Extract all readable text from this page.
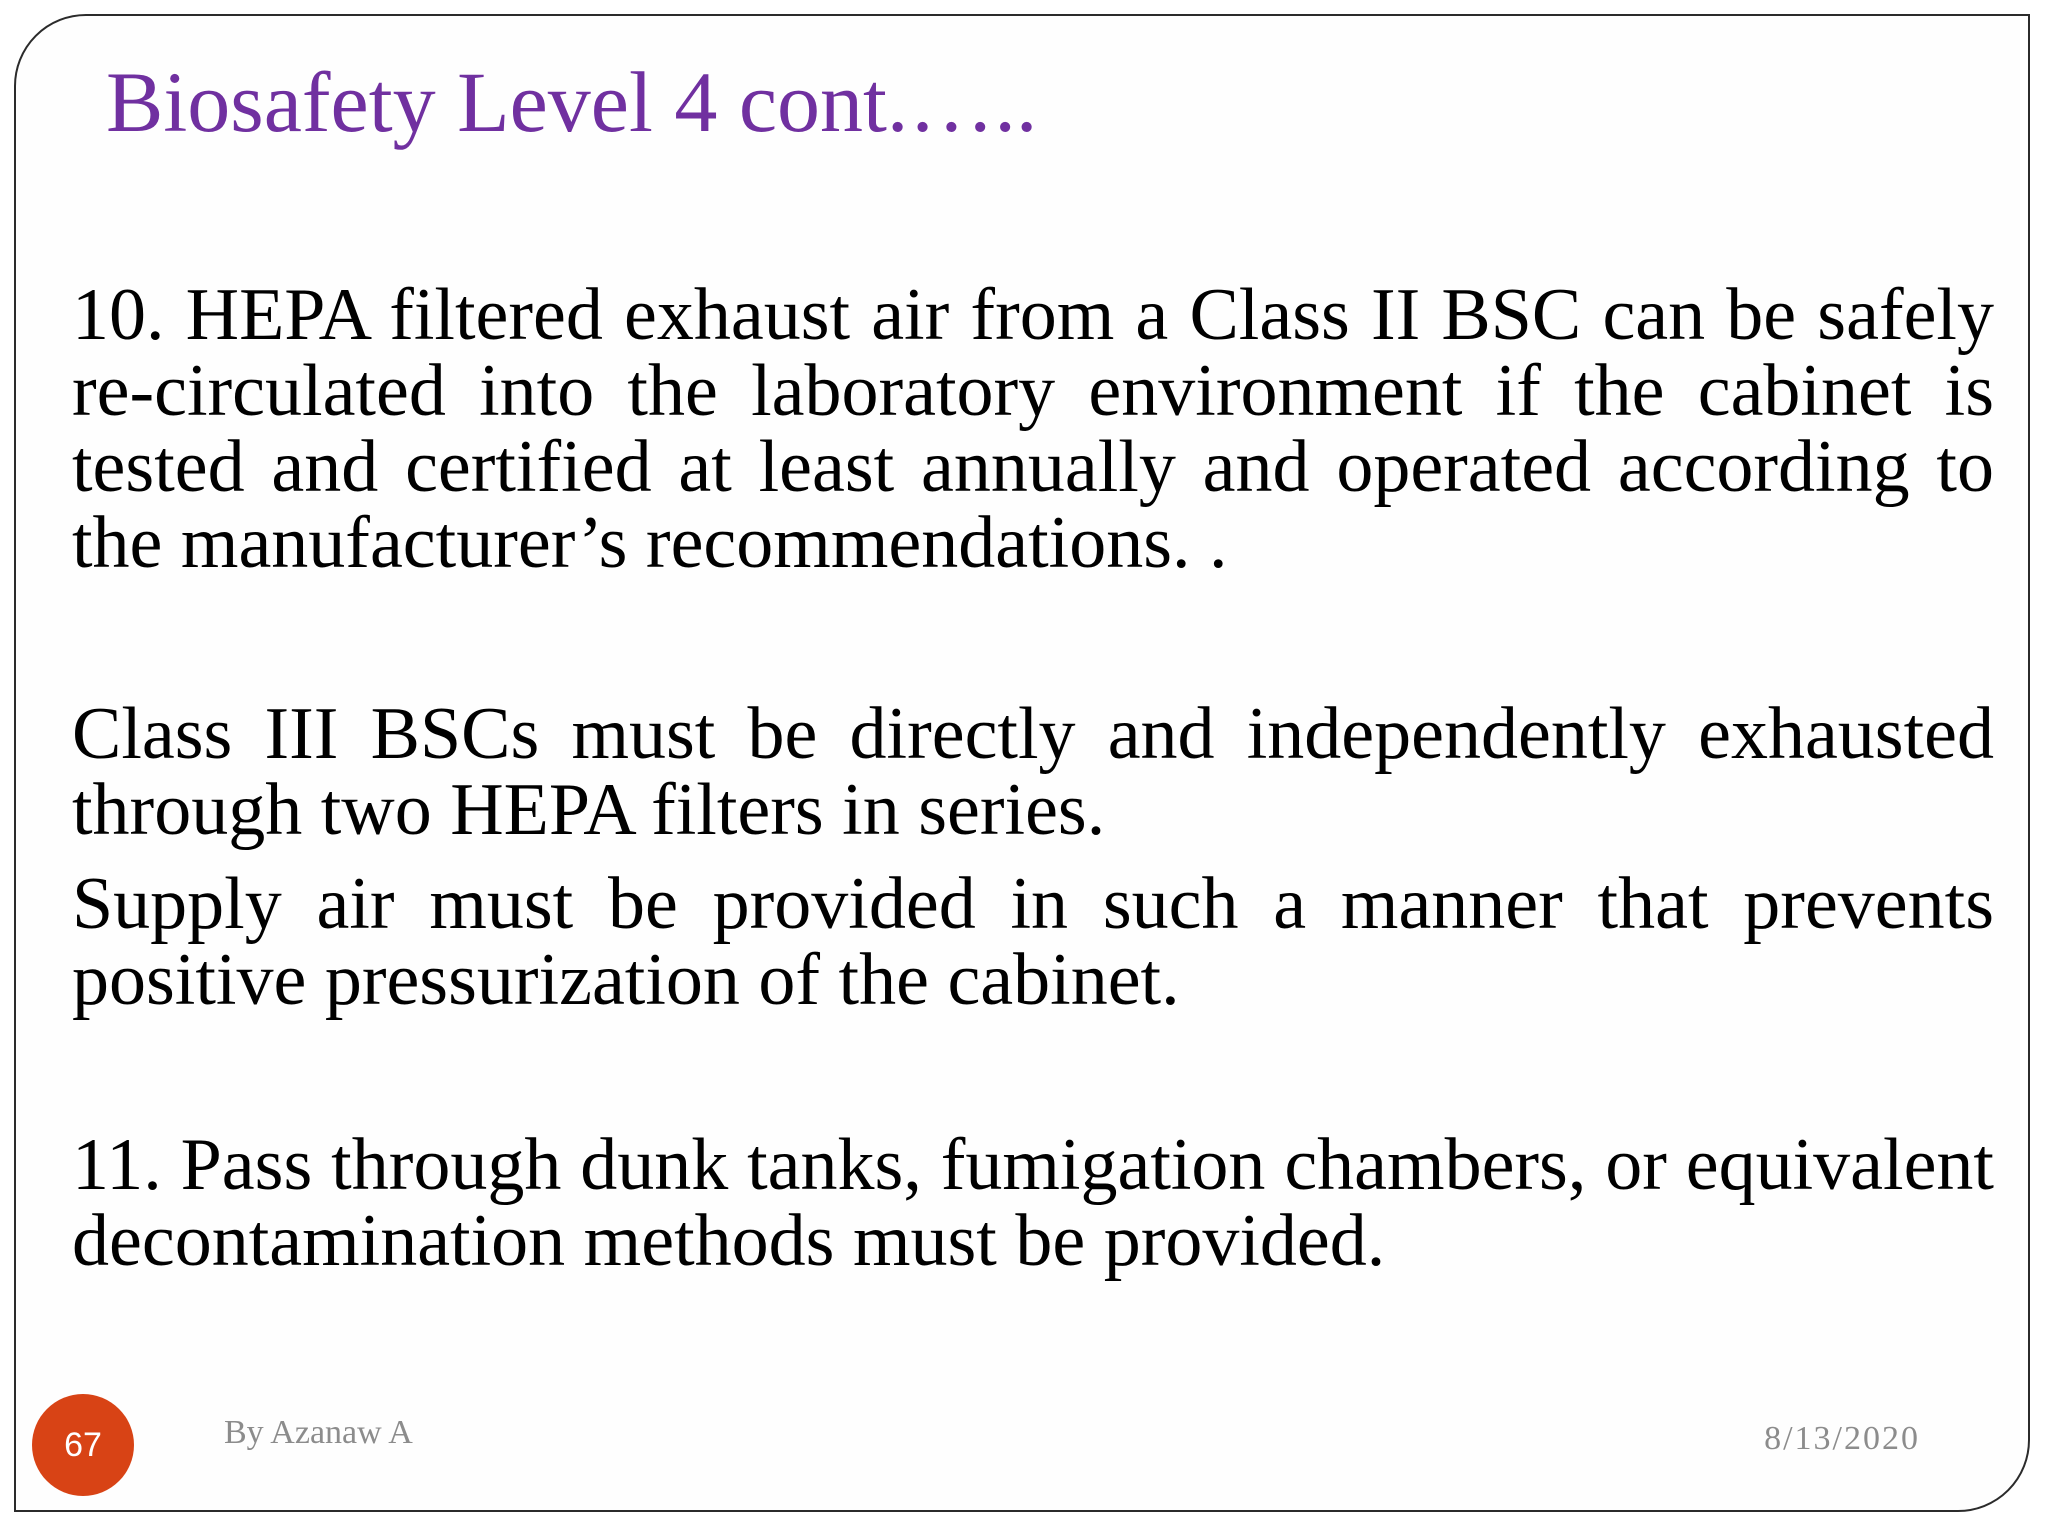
Biosafety Level 4 cont.…..

10. HEPA filtered exhaust air from a Class II BSC can be safely re-circulated into the laboratory environment if the cabinet is tested and certified at least annually and operated according to the manufacturer’s recommendations. .

Class III BSCs must be directly and independently exhausted through two HEPA filters in series.

Supply air must be provided in such a manner that prevents positive pressurization of the cabinet.

11. Pass through dunk tanks, fumigation chambers, or equivalent decontamination methods must be provided.

67	By Azanaw A	8/13/2020
